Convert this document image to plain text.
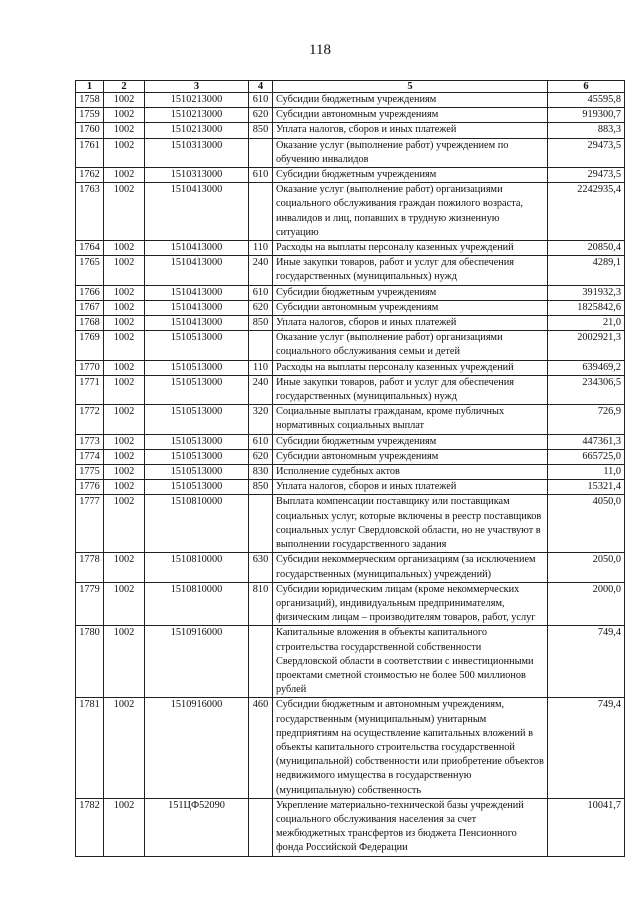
118
1	2	3	4	5	6
1758	1002	1510213000	610	Субсидии бюджетным учреждениям	45595,8
1759	1002	1510213000	620	Субсидии автономным учреждениям	919300,7
1760	1002	1510213000	850	Уплата налогов, сборов и иных платежей	883,3
1761	1002	1510313000		Оказание услуг (выполнение работ) учреждением по обучению инвалидов	29473,5
1762	1002	1510313000	610	Субсидии бюджетным учреждениям	29473,5
1763	1002	1510413000		Оказание услуг (выполнение работ) организациями социального обслуживания граждан пожилого возраста, инвалидов и лиц, попавших в трудную жизненную ситуацию	2242935,4
1764	1002	1510413000	110	Расходы на выплаты персоналу казенных учреждений	20850,4
1765	1002	1510413000	240	Иные закупки товаров, работ и услуг для обеспечения государственных (муниципальных) нужд	4289,1
1766	1002	1510413000	610	Субсидии бюджетным учреждениям	391932,3
1767	1002	1510413000	620	Субсидии автономным учреждениям	1825842,6
1768	1002	1510413000	850	Уплата налогов, сборов и иных платежей	21,0
1769	1002	1510513000		Оказание услуг (выполнение работ) организациями социального обслуживания семьи и детей	2002921,3
1770	1002	1510513000	110	Расходы на выплаты персоналу казенных учреждений	639469,2
1771	1002	1510513000	240	Иные закупки товаров, работ и услуг для обеспечения государственных (муниципальных) нужд	234306,5
1772	1002	1510513000	320	Социальные выплаты гражданам, кроме публичных нормативных социальных выплат	726,9
1773	1002	1510513000	610	Субсидии бюджетным учреждениям	447361,3
1774	1002	1510513000	620	Субсидии автономным учреждениям	665725,0
1775	1002	1510513000	830	Исполнение судебных актов	11,0
1776	1002	1510513000	850	Уплата налогов, сборов и иных платежей	15321,4
1777	1002	1510810000		Выплата компенсации поставщику или поставщикам социальных услуг, которые включены в реестр поставщиков социальных услуг Свердловской области, но не участвуют в выполнении государственного задания	4050,0
1778	1002	1510810000	630	Субсидии некоммерческим организациям (за исключением государственных (муниципальных) учреждений)	2050,0
1779	1002	1510810000	810	Субсидии юридическим лицам (кроме некоммерческих организаций), индивидуальным предпринимателям, физическим лицам – производителям товаров, работ, услуг	2000,0
1780	1002	1510916000		Капитальные вложения в объекты капитального строительства государственной собственности Свердловской области в соответствии с инвестиционными проектами сметной стоимостью не более 500 миллионов рублей	749,4
1781	1002	1510916000	460	Субсидии бюджетным и автономным учреждениям, государственным (муниципальным) унитарным предприятиям на осуществление капитальных вложений в объекты капитального строительства государственной (муниципальной) собственности или приобретение объектов недвижимого имущества в государственную (муниципальную) собственность	749,4
1782	1002	151ЦФ52090		Укрепление материально-технической базы учреждений социального обслуживания населения за счет межбюджетных трансфертов из бюджета Пенсионного фонда Российской Федерации	10041,7
